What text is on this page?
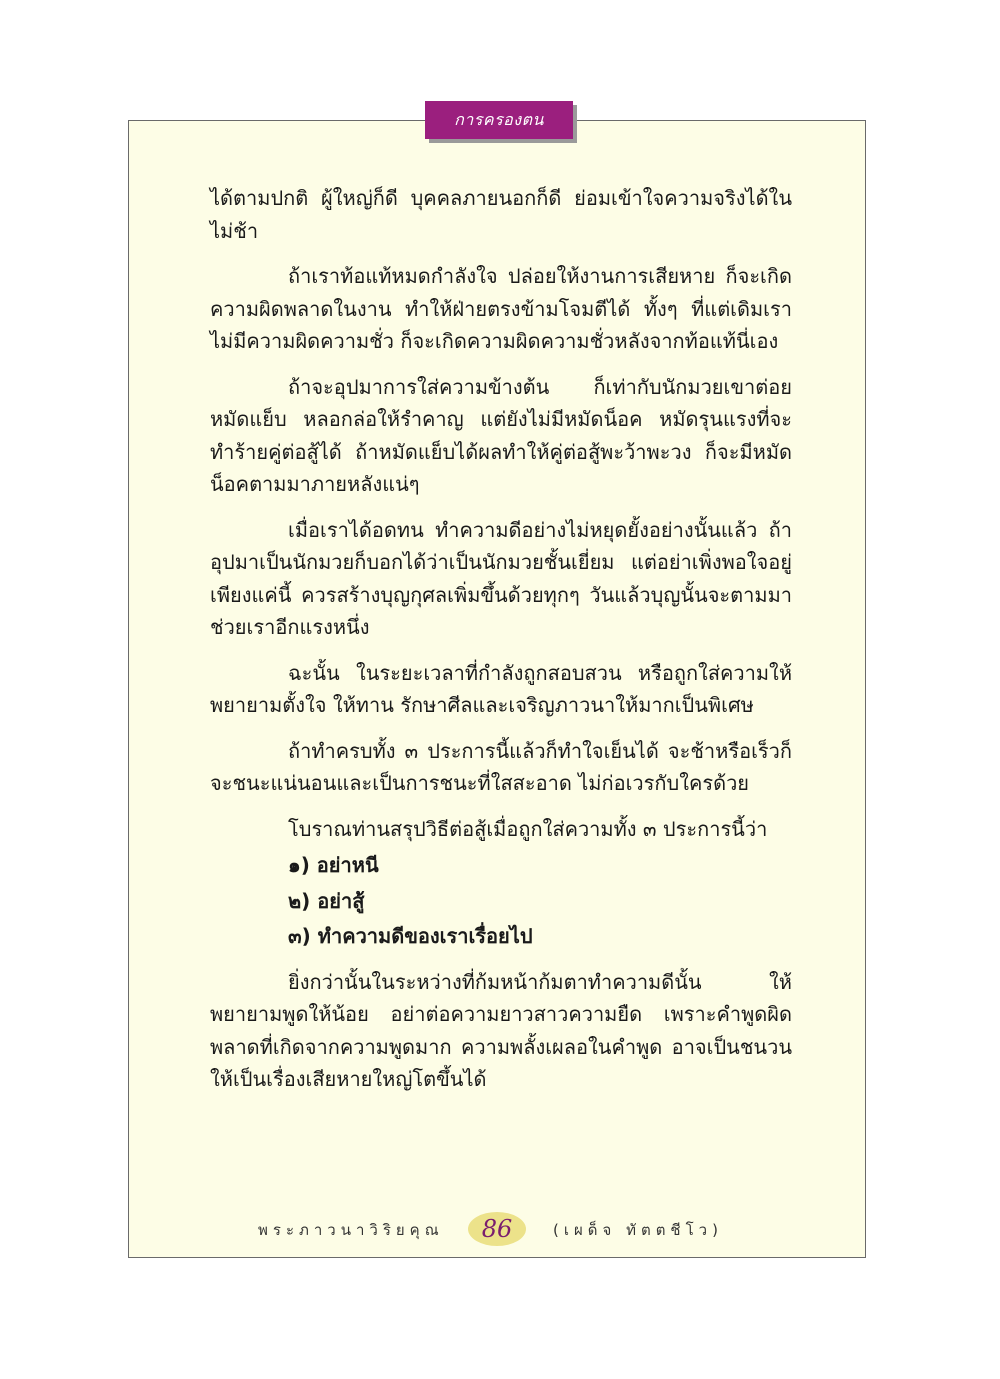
การครองตน

ได้ตามปกติ ผู้ใหญ่ก็ดี บุคคลภายนอกก็ดี ย่อมเข้าใจความจริงได้ในไม่ช้า

ถ้าเราท้อแท้หมดกำลังใจ ปล่อยให้งานการเสียหาย ก็จะเกิดความผิดพลาดในงาน ทำให้ฝ่ายตรงข้ามโจมตีได้ ทั้งๆ ที่แต่เดิมเราไม่มีความผิดความชั่ว ก็จะเกิดความผิดความชั่วหลังจากท้อแท้นี่เอง

ถ้าจะอุปมาการใส่ความข้างต้น ก็เท่ากับนักมวยเขาต่อยหมัดแย็บ หลอกล่อให้รำคาญ แต่ยังไม่มีหมัดน็อค หมัดรุนแรงที่จะทำร้ายคู่ต่อสู้ได้ ถ้าหมัดแย็บได้ผลทำให้คู่ต่อสู้พะว้าพะวง ก็จะมีหมัดน็อคตามมาภายหลังแน่ๆ

เมื่อเราได้อดทน ทำความดีอย่างไม่หยุดยั้งอย่างนั้นแล้ว ถ้าอุปมาเป็นนักมวยก็บอกได้ว่าเป็นนักมวยชั้นเยี่ยม แต่อย่าเพิ่งพอใจอยู่เพียงแค่นี้ ควรสร้างบุญกุศลเพิ่มขึ้นด้วยทุกๆ วันแล้วบุญนั้นจะตามมาช่วยเราอีกแรงหนึ่ง

ฉะนั้น ในระยะเวลาที่กำลังถูกสอบสวน หรือถูกใส่ความให้พยายามตั้งใจ ให้ทาน รักษาศีลและเจริญภาวนาให้มากเป็นพิเศษ

ถ้าทำครบทั้ง ๓ ประการนี้แล้วก็ทำใจเย็นได้ จะช้าหรือเร็วก็จะชนะแน่นอนและเป็นการชนะที่ใสสะอาด ไม่ก่อเวรกับใครด้วย

โบราณท่านสรุปวิธีต่อสู้เมื่อถูกใส่ความทั้ง ๓ ประการนี้ว่า

๑) อย่าหนี
๒) อย่าสู้
๓) ทำความดีของเราเรื่อยไป

ยิ่งกว่านั้นในระหว่างที่ก้มหน้าก้มตาทำความดีนั้น ให้พยายามพูดให้น้อย อย่าต่อความยาวสาวความยืด เพราะคำพูดผิดพลาดที่เกิดจากความพูดมาก ความพลั้งเผลอในคำพูด อาจเป็นชนวนให้เป็นเรื่องเสียหายใหญ่โตขึ้นได้

พระภาวนาวิริยคุณ	86	(เผด็จ ทัตตชีโว)
